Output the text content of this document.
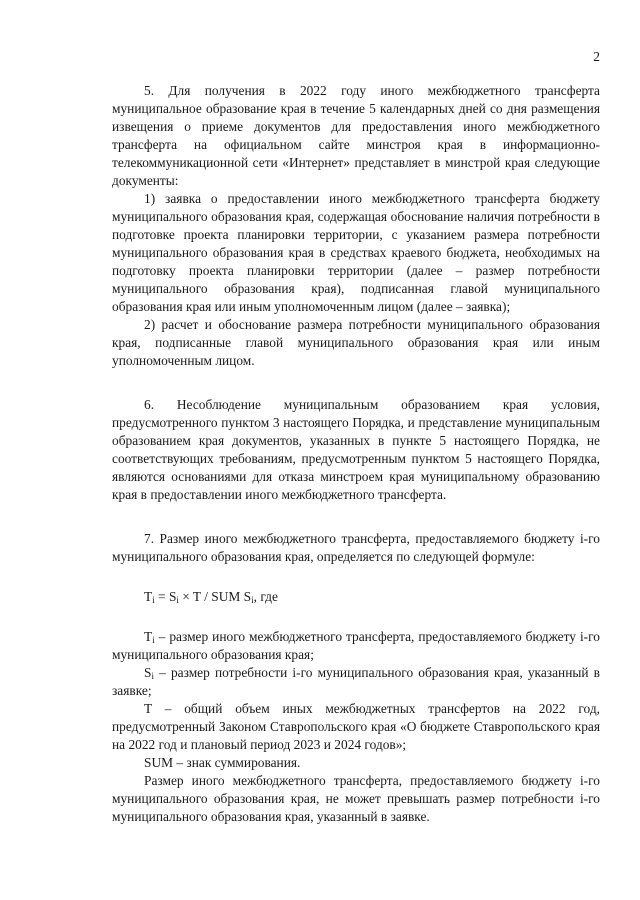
2

5. Для получения в 2022 году иного межбюджетного трансферта муниципальное образование края в течение 5 календарных дней со дня размещения извещения о приеме документов для предоставления иного межбюджетного трансферта на официальном сайте минстроя края в информационно-телекоммуникационной сети «Интернет» представляет в минстрой края следующие документы:

1) заявка о предоставлении иного межбюджетного трансферта бюджету муниципального образования края, содержащая обоснование наличия потребности в подготовке проекта планировки территории, с указанием размера потребности муниципального образования края в средствах краевого бюджета, необходимых на подготовку проекта планировки территории (далее – размер потребности муниципального образования края), подписанная главой муниципального образования края или иным уполномоченным лицом (далее – заявка);

2) расчет и обоснование размера потребности муниципального образования края, подписанные главой муниципального образования края или иным уполномоченным лицом.

6. Несоблюдение муниципальным образованием края условия, предусмотренного пунктом 3 настоящего Порядка, и представление муниципальным образованием края документов, указанных в пункте 5 настоящего Порядка, не соответствующих требованиям, предусмотренным пунктом 5 настоящего Порядка, являются основаниями для отказа минстроем края муниципальному образованию края в предоставлении иного межбюджетного трансферта.

7. Размер иного межбюджетного трансферта, предоставляемого бюджету i-го муниципального образования края, определяется по следующей формуле:

$T_i = S_i \times T$ / SUM $S_i$, где

$T_i$ – размер иного межбюджетного трансферта, предоставляемого бюджету i-го муниципального образования края;

$S_i$ – размер потребности i-го муниципального образования края, указанный в заявке;

T – общий объем иных межбюджетных трансфертов на 2022 год, предусмотренный Законом Ставропольского края «О бюджете Ставропольского края на 2022 год и плановый период 2023 и 2024 годов»;

SUM – знак суммирования.

Размер иного межбюджетного трансферта, предоставляемого бюджету i-го муниципального образования края, не может превышать размер потребности i-го муниципального образования края, указанный в заявке.
